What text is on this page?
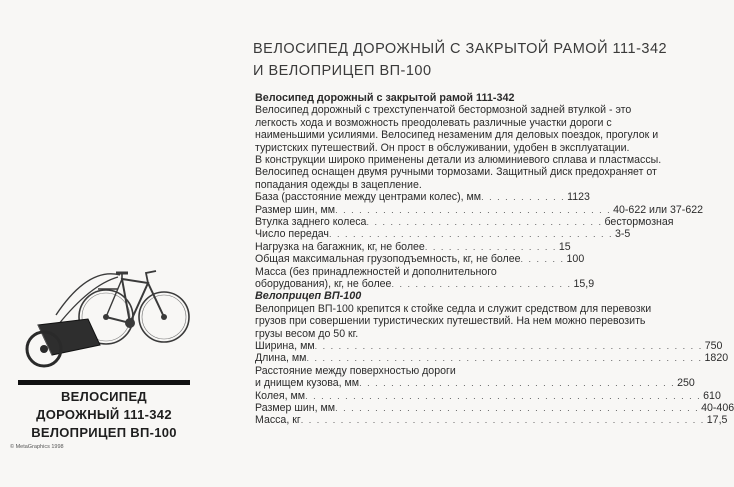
ВЕЛОСИПЕД ДОРОЖНЫЙ С ЗАКРЫТОЙ РАМОЙ 111-342
И ВЕЛОПРИЦЕП ВП-100
Велосипед дорожный с закрытой рамой 111-342
Велосипед дорожный с трехступенчатой бестормозной задней втулкой - это
легкость хода и возможность преодолевать различные участки дороги с
наименьшими усилиями. Велосипед незаменим для деловых поездок, прогулок и
туристских путешествий. Он прост в обслуживании, удобен в эксплуатации.
В конструкции широко применены детали из алюминиевого сплава и пластмассы.
Велосипед оснащен двумя ручными тормозами. Защитный диск предохраняет от
попадания одежды в зацепление.
База (расстояние между центрами колес), мм . . . . . . . . . . . 1123
Размер шин, мм . . . . . . . . . . . . . . . . . . . . . . . . . . . . . . . . . . . 40-622 или 37-622
Втулка заднего колеса . . . . . . . . . . . . . . . . . . . . . . . . . . . . . . бестормозная
Число передач . . . . . . . . . . . . . . . . . . . . . . . . . . . . . . . . . . . . 3-5
Нагрузка на багажник, кг, не более . . . . . . . . . . . . . . . . . 15
Общая максимальная грузоподъемность, кг, не более . . . . . . 100
Масса (без принадлежностей и дополнительного
оборудования), кг, не более . . . . . . . . . . . . . . . . . . . . . . . 15,9
Велоприцеп ВП-100
Велоприцеп ВП-100 крепится к стойке седла и служит средством для перевозки
грузов при совершении туристических путешествий. На нем можно перевозить
грузы весом до 50 кг.
Ширина, мм . . . . . . . . . . . . . . . . . . . . . . . . . . . . . . . . . . . . . . . . . . . . . . . . . 750
Длина, мм . . . . . . . . . . . . . . . . . . . . . . . . . . . . . . . . . . . . . . . . . . . . . . . . . . 1820
Расстояние между поверхностью дороги
и днищем кузова, мм . . . . . . . . . . . . . . . . . . . . . . . . . . . . . . . . . . . . . . . . 250
Колея, мм . . . . . . . . . . . . . . . . . . . . . . . . . . . . . . . . . . . . . . . . . . . . . . . . . . 610
Размер шин, мм . . . . . . . . . . . . . . . . . . . . . . . . . . . . . . . . . . . . . . . . . . . . . . 40-406
Масса, кг . . . . . . . . . . . . . . . . . . . . . . . . . . . . . . . . . . . . . . . . . . . . . . . . . . . 17,5
ВЕЛОСИПЕД
ДОРОЖНЫЙ 111-342
ВЕЛОПРИЦЕП ВП-100
© MetaGraphics 1998
